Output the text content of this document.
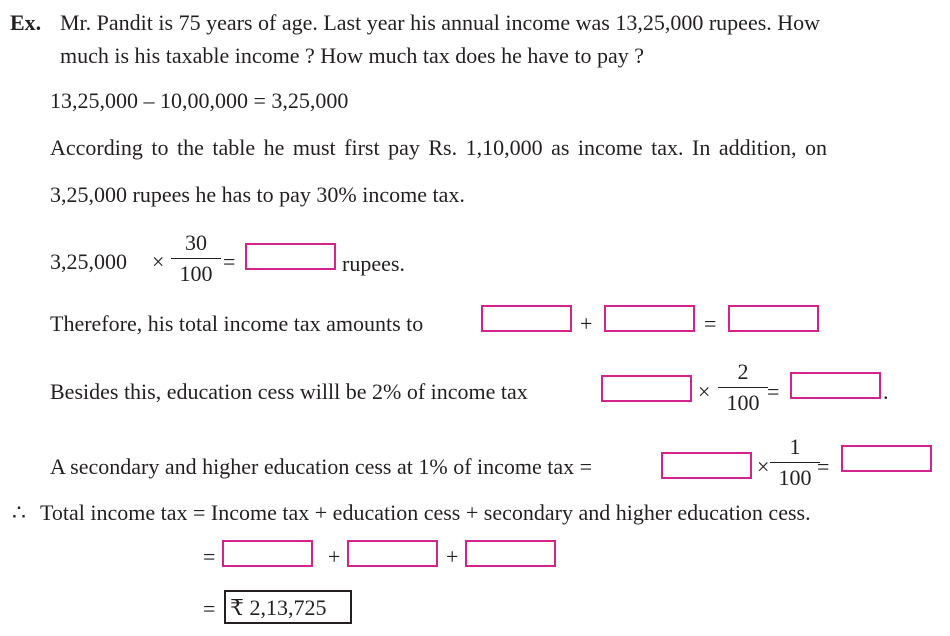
Ex. Mr. Pandit is 75 years of age. Last year his annual income was 13,25,000 rupees. How
much is his taxable income ? How much tax does he have to pay ?
13,25,000 – 10,00,000 = 3,25,000
According to the table he must first pay Rs. 1,10,000 as income tax. In addition, on
3,25,000 rupees he has to pay 30% income tax.
3,25,000 ×
30
100 =	rupees.
Therefore, his total income tax amounts to	+	=
Besides this, education cess willl be 2% of income tax	×
2
100 =	.
A secondary and higher education cess at 1% of income tax =	×
1
100 =
∴ Total income tax = Income tax + education cess + secondary and higher education cess.
=	+	+
= ₹ 2,13,725
